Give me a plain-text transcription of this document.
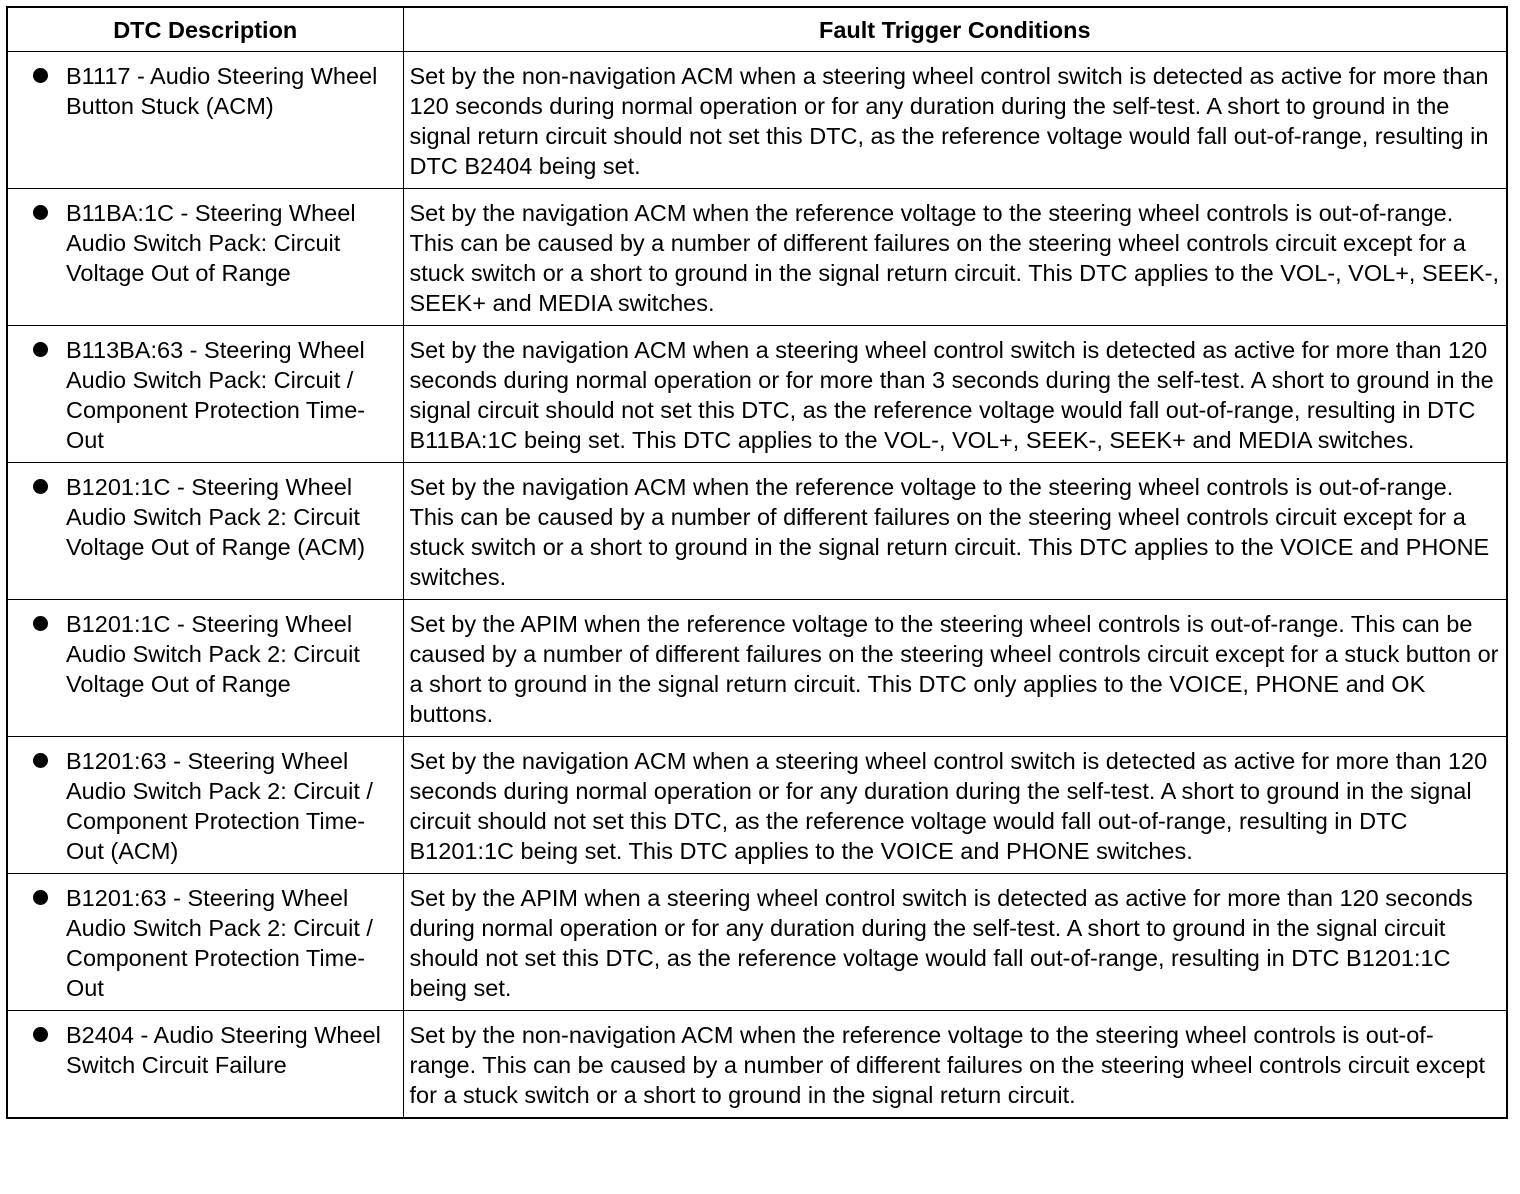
DTC Description	Fault Trigger Conditions

B1117 - Audio Steering Wheel Button Stuck (ACM)	Set by the non-navigation ACM when a steering wheel control switch is detected as active for more than 120 seconds during normal operation or for any duration during the self-test. A short to ground in the signal return circuit should not set this DTC, as the reference voltage would fall out-of-range, resulting in DTC B2404 being set.

B11BA:1C - Steering Wheel Audio Switch Pack: Circuit Voltage Out of Range	Set by the navigation ACM when the reference voltage to the steering wheel controls is out-of-range. This can be caused by a number of different failures on the steering wheel controls circuit except for a stuck switch or a short to ground in the signal return circuit. This DTC applies to the VOL-, VOL+, SEEK-, SEEK+ and MEDIA switches.

B113BA:63 - Steering Wheel Audio Switch Pack: Circuit / Component Protection Time-Out	Set by the navigation ACM when a steering wheel control switch is detected as active for more than 120 seconds during normal operation or for more than 3 seconds during the self-test. A short to ground in the signal circuit should not set this DTC, as the reference voltage would fall out-of-range, resulting in DTC B11BA:1C being set. This DTC applies to the VOL-, VOL+, SEEK-, SEEK+ and MEDIA switches.

B1201:1C - Steering Wheel Audio Switch Pack 2: Circuit Voltage Out of Range (ACM)	Set by the navigation ACM when the reference voltage to the steering wheel controls is out-of-range. This can be caused by a number of different failures on the steering wheel controls circuit except for a stuck switch or a short to ground in the signal return circuit. This DTC applies to the VOICE and PHONE switches.

B1201:1C - Steering Wheel Audio Switch Pack 2: Circuit Voltage Out of Range	Set by the APIM when the reference voltage to the steering wheel controls is out-of-range. This can be caused by a number of different failures on the steering wheel controls circuit except for a stuck button or a short to ground in the signal return circuit. This DTC only applies to the VOICE, PHONE and OK buttons.

B1201:63 - Steering Wheel Audio Switch Pack 2: Circuit / Component Protection Time-Out (ACM)	Set by the navigation ACM when a steering wheel control switch is detected as active for more than 120 seconds during normal operation or for any duration during the self-test. A short to ground in the signal circuit should not set this DTC, as the reference voltage would fall out-of-range, resulting in DTC B1201:1C being set. This DTC applies to the VOICE and PHONE switches.

B1201:63 - Steering Wheel Audio Switch Pack 2: Circuit / Component Protection Time-Out	Set by the APIM when a steering wheel control switch is detected as active for more than 120 seconds during normal operation or for any duration during the self-test. A short to ground in the signal circuit should not set this DTC, as the reference voltage would fall out-of-range, resulting in DTC B1201:1C being set.

B2404 - Audio Steering Wheel Switch Circuit Failure	Set by the non-navigation ACM when the reference voltage to the steering wheel controls is out-of-range. This can be caused by a number of different failures on the steering wheel controls circuit except for a stuck switch or a short to ground in the signal return circuit.
